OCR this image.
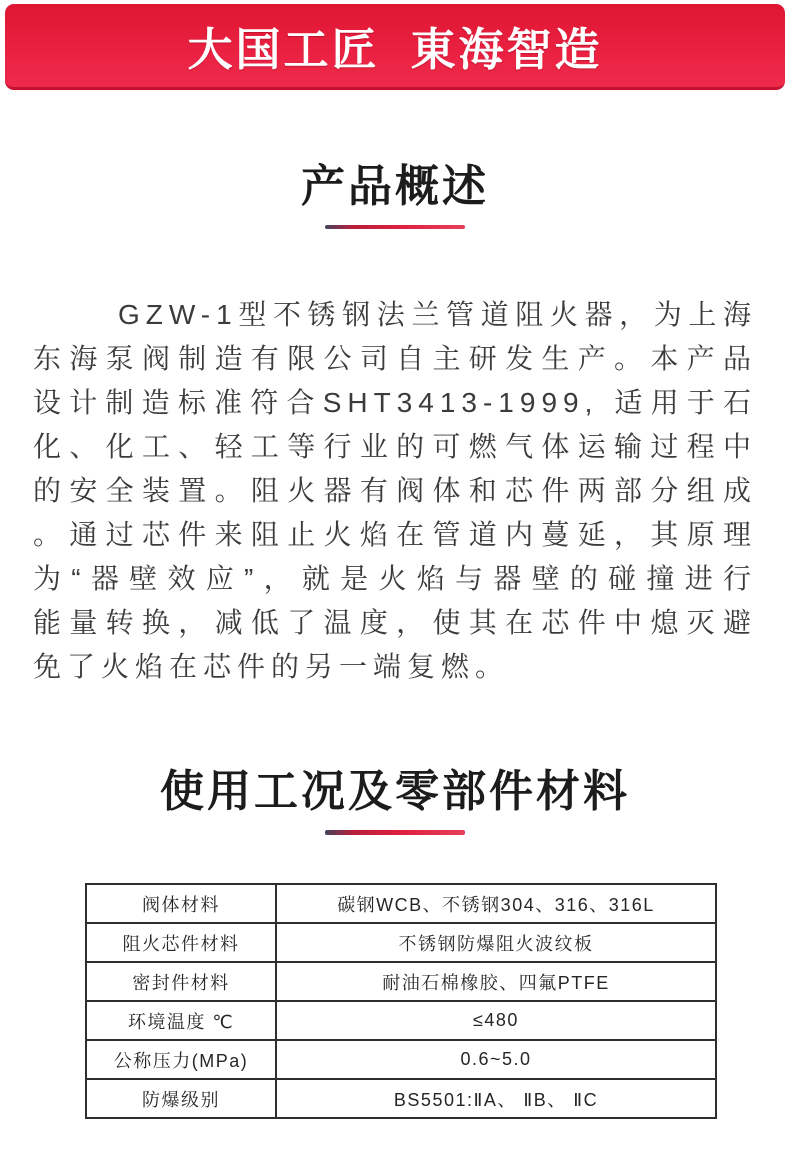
大国工匠  東海智造
产品概述
GZW-1型不锈钢法兰管道阻火器，为上海
东海泵阀制造有限公司自主研发生产。本产品
设计制造标准符合SHT3413-1999, 适用于石
化、化工、轻工等行业的可燃气体运输过程中
的安全装置。阻火器有阀体和芯件两部分组成
。通过芯件来阻止火焰在管道内蔓延，其原理
为“器壁效应”，就是火焰与器壁的碰撞进行
能量转换，减低了温度，使其在芯件中熄灭避
免了火焰在芯件的另一端复燃。
使用工况及零部件材料
阀体材料	碳钢WCB、不锈钢304、316、316L
阻火芯件材料	不锈钢防爆阻火波纹板
密封件材料	耐油石棉橡胶、四氟PTFE
环境温度 ℃	≤480
公称压力(MPa)	0.6~5.0
防爆级别	BS5501:ⅡA、 ⅡB、 ⅡC
